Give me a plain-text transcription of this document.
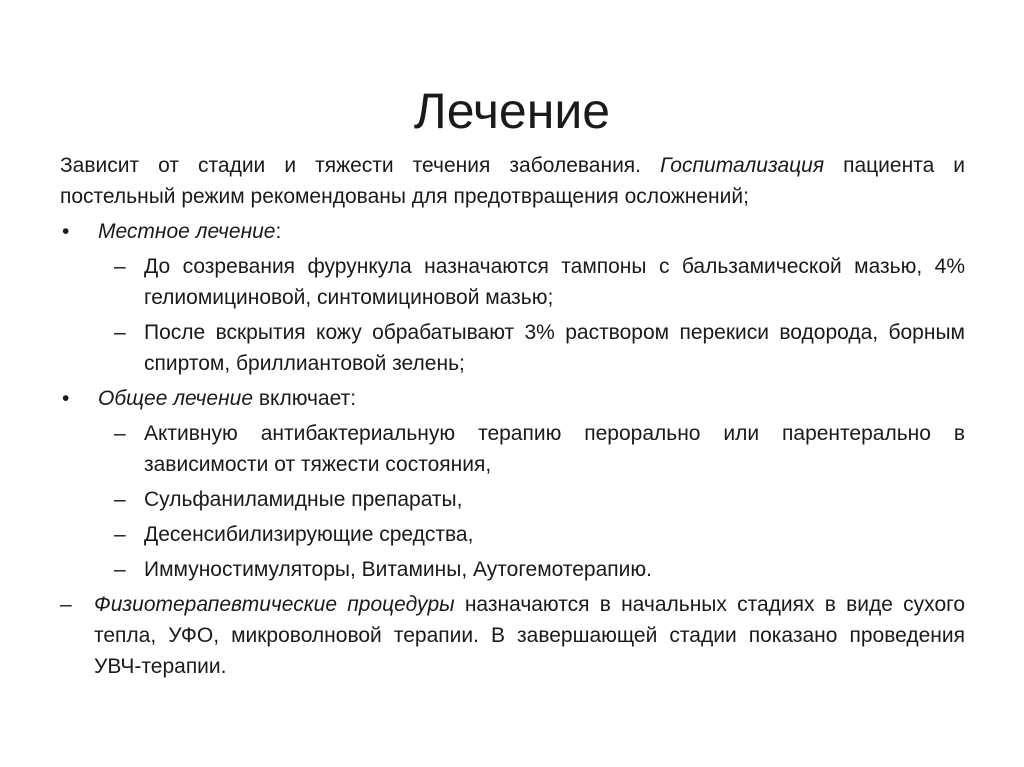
Лечение

Зависит от стадии и тяжести течения заболевания. Госпитализация пациента и постельный режим рекомендованы для предотвращения осложнений;

• Местное лечение:
– До созревания фурункула назначаются тампоны с бальзамической мазью, 4% гелиомициновой, синтомициновой мазью;
– После вскрытия кожу обрабатывают 3% раствором перекиси водорода, борным спиртом, бриллиантовой зелень;
• Общее лечение включает:
– Активную антибактериальную терапию перорально или парентерально в зависимости от тяжести состояния,
– Сульфаниламидные препараты,
– Десенсибилизирующие средства,
– Иммуностимуляторы, Витамины, Аутогемотерапию.
– Физиотерапевтические процедуры назначаются в начальных стадиях в виде сухого тепла, УФО, микроволновой терапии. В завершающей стадии показано проведения УВЧ-терапии.
